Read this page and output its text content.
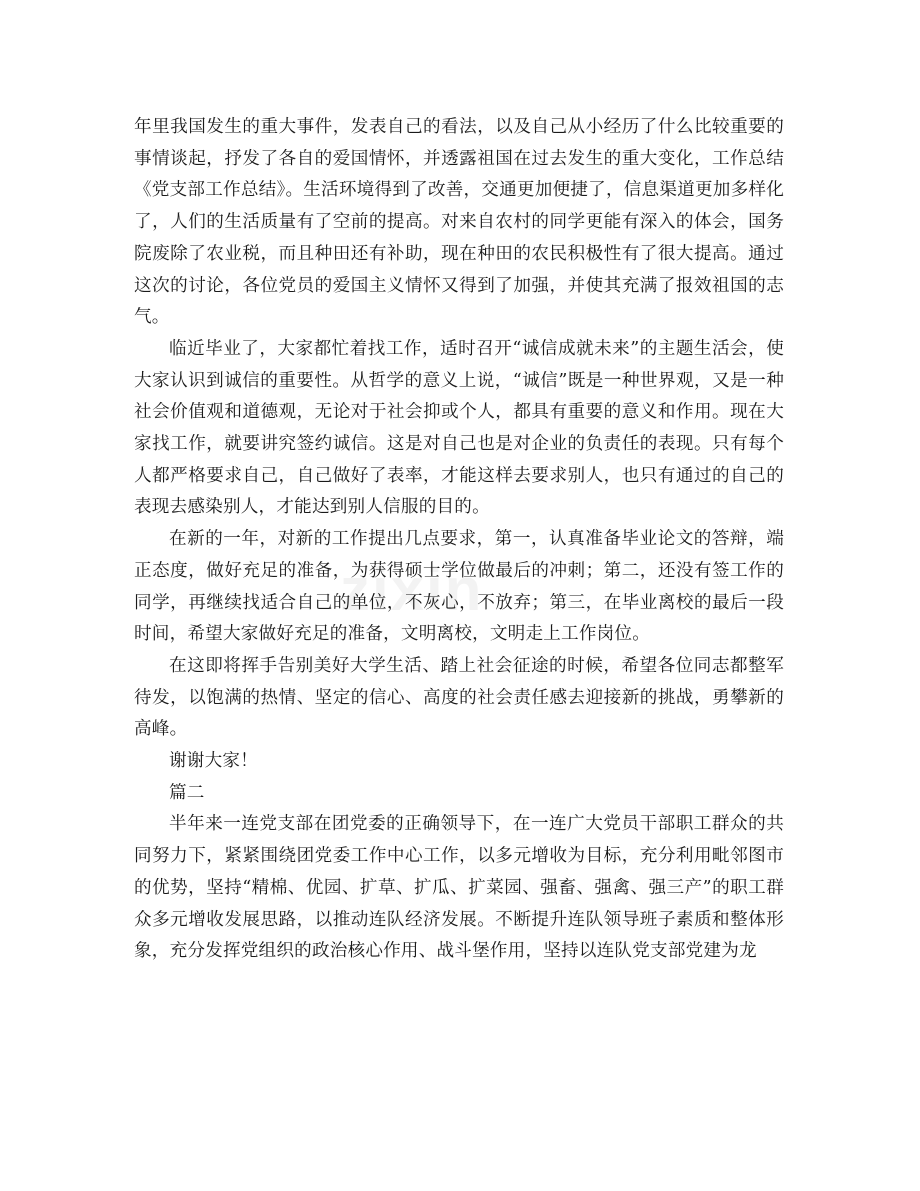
年里我国发生的重大事件，发表自己的看法，以及自己从小经历了什么比较重要的事情谈起，抒发了各自的爱国情怀，并透露祖国在过去发生的重大变化，工作总结《党支部工作总结》。生活环境得到了改善，交通更加便捷了，信息渠道更加多样化了，人们的生活质量有了空前的提高。对来自农村的同学更能有深入的体会，国务院废除了农业税，而且种田还有补助，现在种田的农民积极性有了很大提高。通过这次的讨论，各位党员的爱国主义情怀又得到了加强，并使其充满了报效祖国的志气。

临近毕业了，大家都忙着找工作，适时召开“诚信成就未来”的主题生活会，使大家认识到诚信的重要性。从哲学的意义上说，“诚信”既是一种世界观，又是一种社会价值观和道德观，无论对于社会抑或个人，都具有重要的意义和作用。现在大家找工作，就要讲究签约诚信。这是对自己也是对企业的负责任的表现。只有每个人都严格要求自己，自己做好了表率，才能这样去要求别人，也只有通过的自己的表现去感染别人，才能达到别人信服的目的。

在新的一年，对新的工作提出几点要求，第一，认真准备毕业论文的答辩，端正态度，做好充足的准备，为获得硕士学位做最后的冲刺；第二，还没有签工作的同学，再继续找适合自己的单位，不灰心，不放弃；第三，在毕业离校的最后一段时间，希望大家做好充足的准备，文明离校，文明走上工作岗位。

在这即将挥手告别美好大学生活、踏上社会征途的时候，希望各位同志都整军待发，以饱满的热情、坚定的信心、高度的社会责任感去迎接新的挑战，勇攀新的高峰。

谢谢大家！

篇二

半年来一连党支部在团党委的正确领导下，在一连广大党员干部职工群众的共同努力下，紧紧围绕团党委工作中心工作，以多元增收为目标，充分利用毗邻图市的优势，坚持“精棉、优园、扩草、扩瓜、扩菜园、强畜、强禽、强三产”的职工群众多元增收发展思路，以推动连队经济发展。不断提升连队领导班子素质和整体形象，充分发挥党组织的政治核心作用、战斗堡作用，坚持以连队党支部党建为龙
